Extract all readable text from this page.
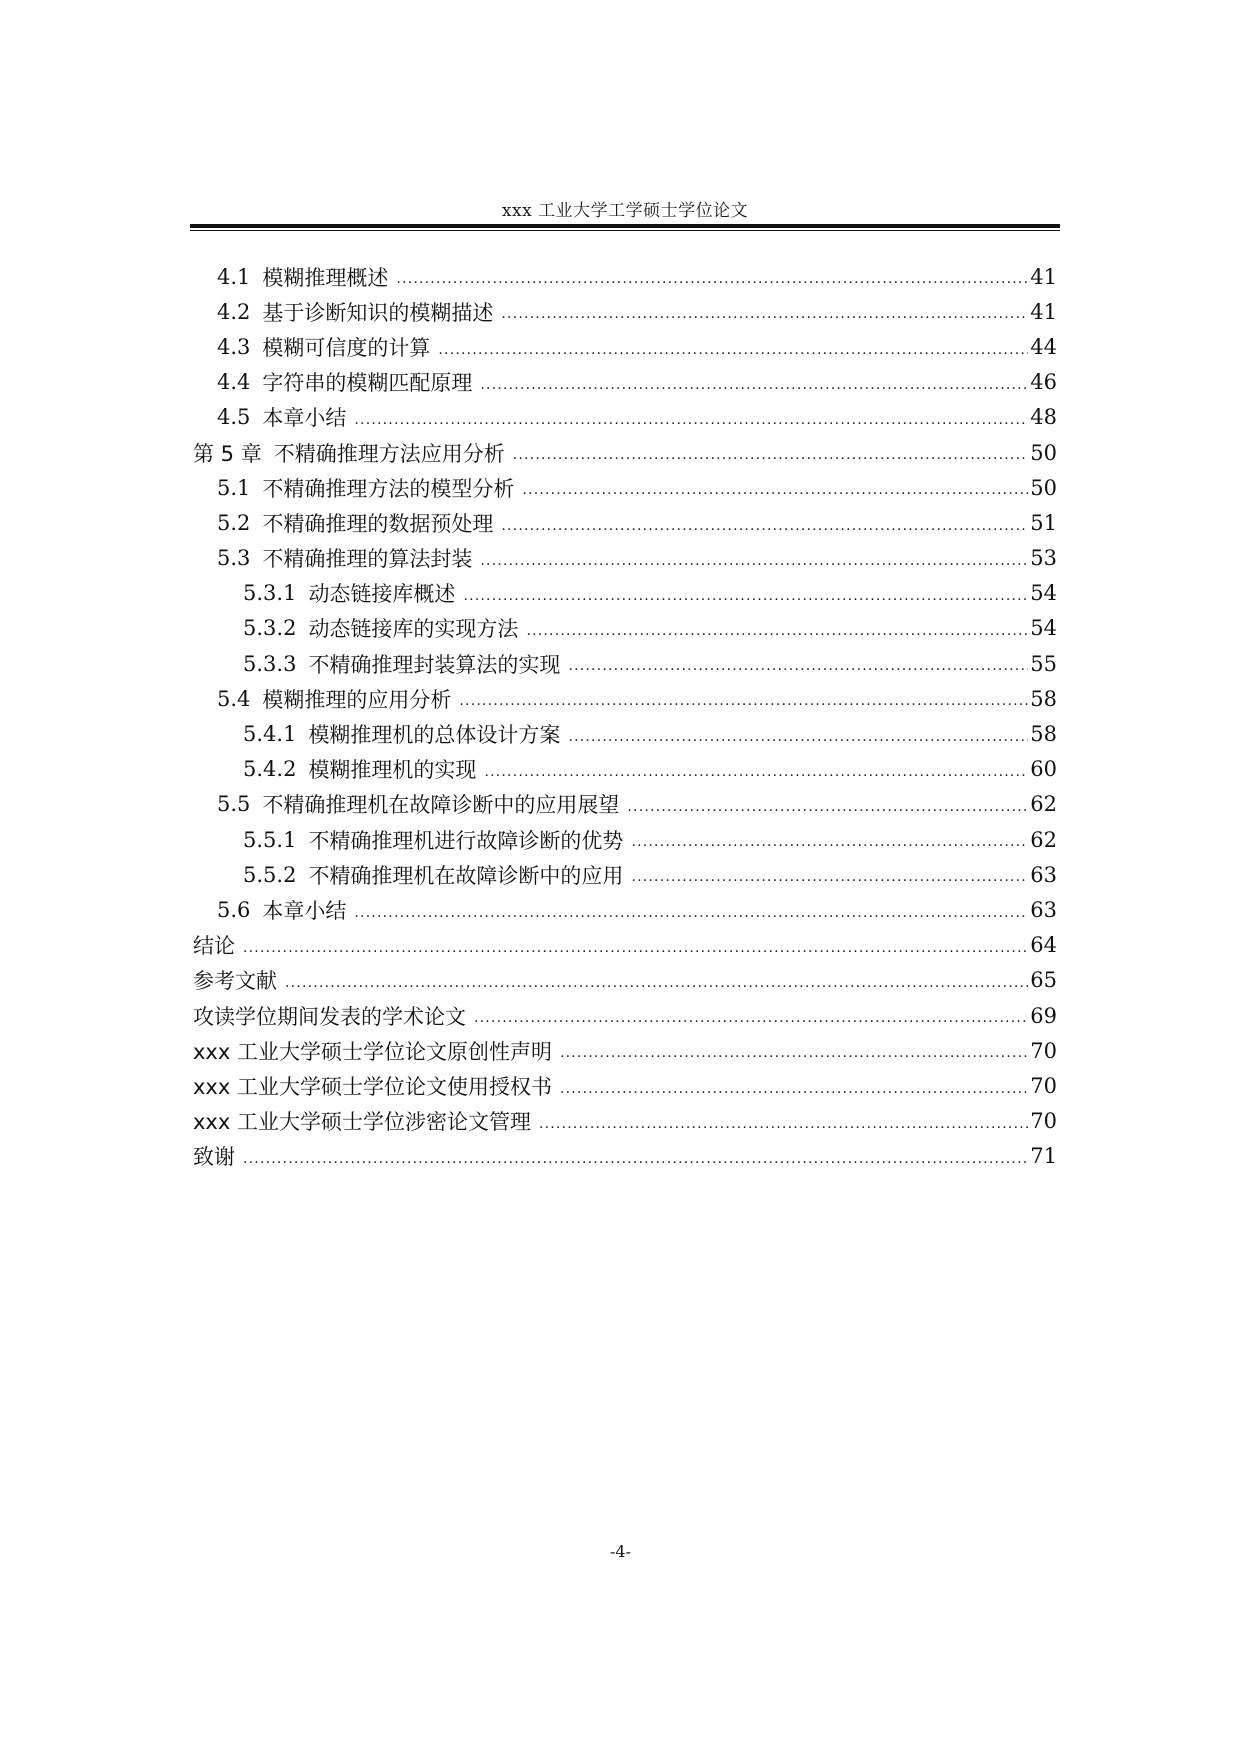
xxx 工业大学工学硕士学位论文
4.1 模糊推理概述 .....	41
4.2 基于诊断知识的模糊描述 .....	41
4.3 模糊可信度的计算 .....	44
4.4 字符串的模糊匹配原理 .....	46
4.5 本章小结 .....	48
第 5 章 不精确推理方法应用分析 .....	50
5.1 不精确推理方法的模型分析 .....	50
5.2 不精确推理的数据预处理 .....	51
5.3 不精确推理的算法封装 .....	53
5.3.1 动态链接库概述 .....	54
5.3.2 动态链接库的实现方法 .....	54
5.3.3 不精确推理封装算法的实现 .....	55
5.4 模糊推理的应用分析 .....	58
5.4.1 模糊推理机的总体设计方案 .....	58
5.4.2 模糊推理机的实现 .....	60
5.5 不精确推理机在故障诊断中的应用展望 .....	62
5.5.1 不精确推理机进行故障诊断的优势 .....	62
5.5.2 不精确推理机在故障诊断中的应用 .....	63
5.6 本章小结 .....	63
结论 .....	64
参考文献 .....	65
攻读学位期间发表的学术论文 .....	69
xxx 工业大学硕士学位论文原创性声明 .....	70
xxx 工业大学硕士学位论文使用授权书 .....	70
xxx 工业大学硕士学位涉密论文管理 .....	70
致谢 .....	71
-4-
